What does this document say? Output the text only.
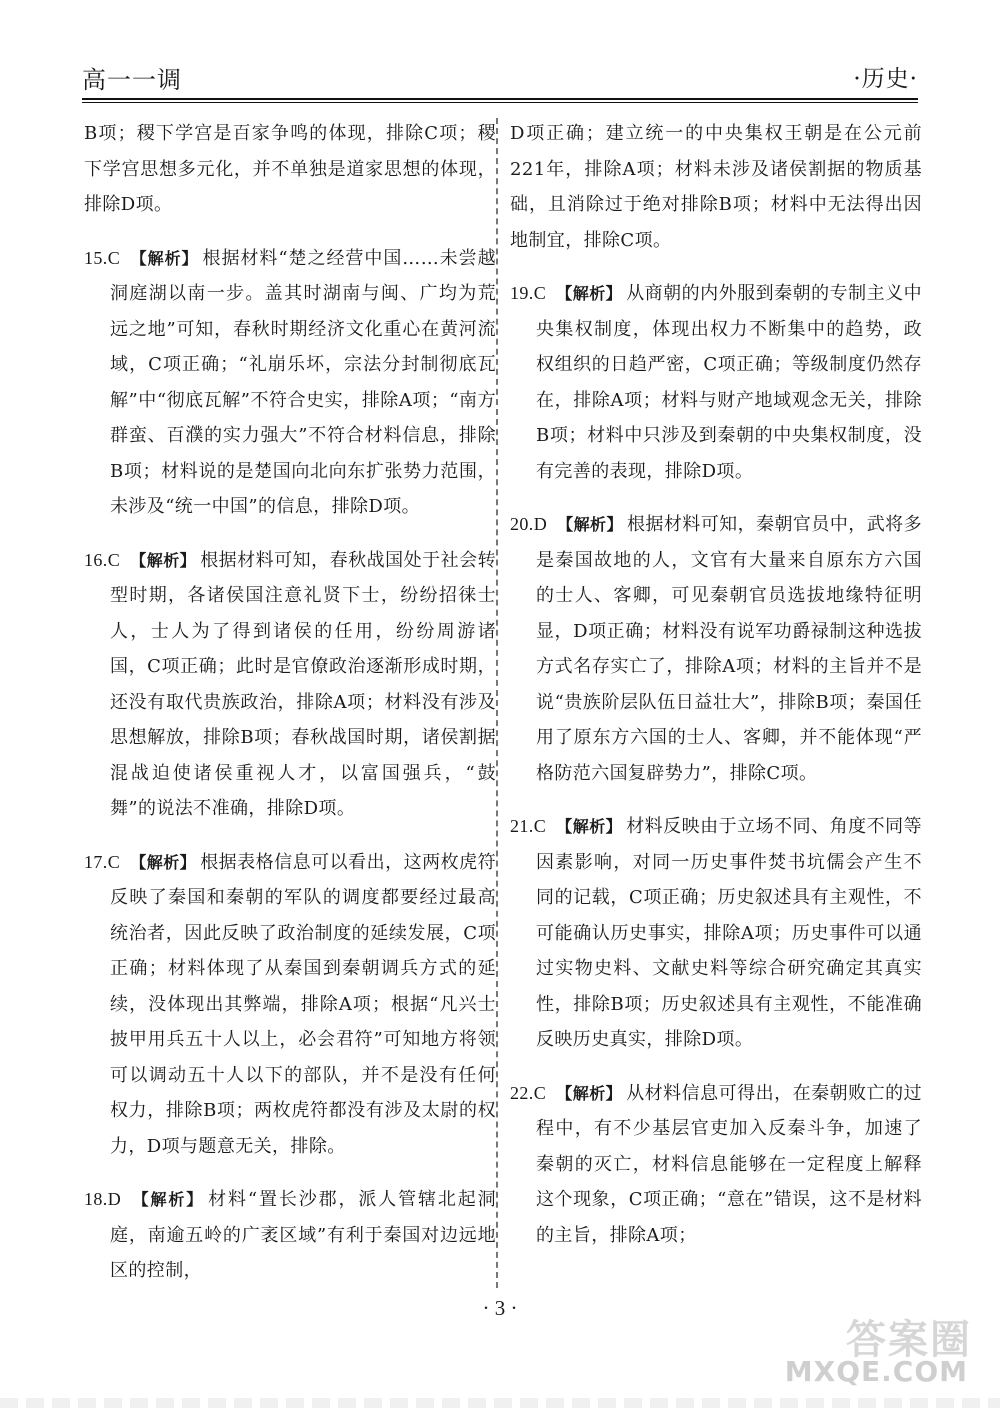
高一一调	·历史·
B项；稷下学宫是百家争鸣的体现，排除C项；稷下学宫思想多元化，并不单独是道家思想的体现，排除D项。
15.C 【解析】 根据材料“楚之经营中国……未尝越洞庭湖以南一步。盖其时湖南与闽、广均为荒远之地”可知，春秋时期经济文化重心在黄河流域，C项正确；“礼崩乐坏，宗法分封制彻底瓦解”中“彻底瓦解”不符合史实，排除A项；“南方群蛮、百濮的实力强大”不符合材料信息，排除B项；材料说的是楚国向北向东扩张势力范围，未涉及“统一中国”的信息，排除D项。
16.C 【解析】 根据材料可知，春秋战国处于社会转型时期，各诸侯国注意礼贤下士，纷纷招徕士人，士人为了得到诸侯的任用，纷纷周游诸国，C项正确；此时是官僚政治逐渐形成时期，还没有取代贵族政治，排除A项；材料没有涉及思想解放，排除B项；春秋战国时期，诸侯割据混战迫使诸侯重视人才，以富国强兵，“鼓舞”的说法不准确，排除D项。
17.C 【解析】 根据表格信息可以看出，这两枚虎符反映了秦国和秦朝的军队的调度都要经过最高统治者，因此反映了政治制度的延续发展，C项正确；材料体现了从秦国到秦朝调兵方式的延续，没体现出其弊端，排除A项；根据“凡兴士披甲用兵五十人以上，必会君符”可知地方将领可以调动五十人以下的部队，并不是没有任何权力，排除B项；两枚虎符都没有涉及太尉的权力，D项与题意无关，排除。
18.D 【解析】 材料“置长沙郡，派人管辖北起洞庭，南逾五岭的广袤区域”有利于秦国对边远地区的控制，
D项正确；建立统一的中央集权王朝是在公元前221年，排除A项；材料未涉及诸侯割据的物质基础，且消除过于绝对排除B项；材料中无法得出因地制宜，排除C项。
19.C 【解析】 从商朝的内外服到秦朝的专制主义中央集权制度，体现出权力不断集中的趋势，政权组织的日趋严密，C项正确；等级制度仍然存在，排除A项；材料与财产地域观念无关，排除B项；材料中只涉及到秦朝的中央集权制度，没有完善的表现，排除D项。
20.D 【解析】 根据材料可知，秦朝官员中，武将多是秦国故地的人，文官有大量来自原东方六国的士人、客卿，可见秦朝官员选拔地缘特征明显，D项正确；材料没有说军功爵禄制这种选拔方式名存实亡了，排除A项；材料的主旨并不是说“贵族阶层队伍日益壮大”，排除B项；秦国任用了原东方六国的士人、客卿，并不能体现“严格防范六国复辟势力”，排除C项。
21.C 【解析】 材料反映由于立场不同、角度不同等因素影响，对同一历史事件焚书坑儒会产生不同的记载，C项正确；历史叙述具有主观性，不可能确认历史事实，排除A项；历史事件可以通过实物史料、文献史料等综合研究确定其真实性，排除B项；历史叙述具有主观性，不能准确反映历史真实，排除D项。
22.C 【解析】 从材料信息可得出，在秦朝败亡的过程中，有不少基层官吏加入反秦斗争，加速了秦朝的灭亡，材料信息能够在一定程度上解释这个现象，C项正确；“意在”错误，这不是材料的主旨，排除A项；
· 3 ·
答案圈
MXQE.COM
